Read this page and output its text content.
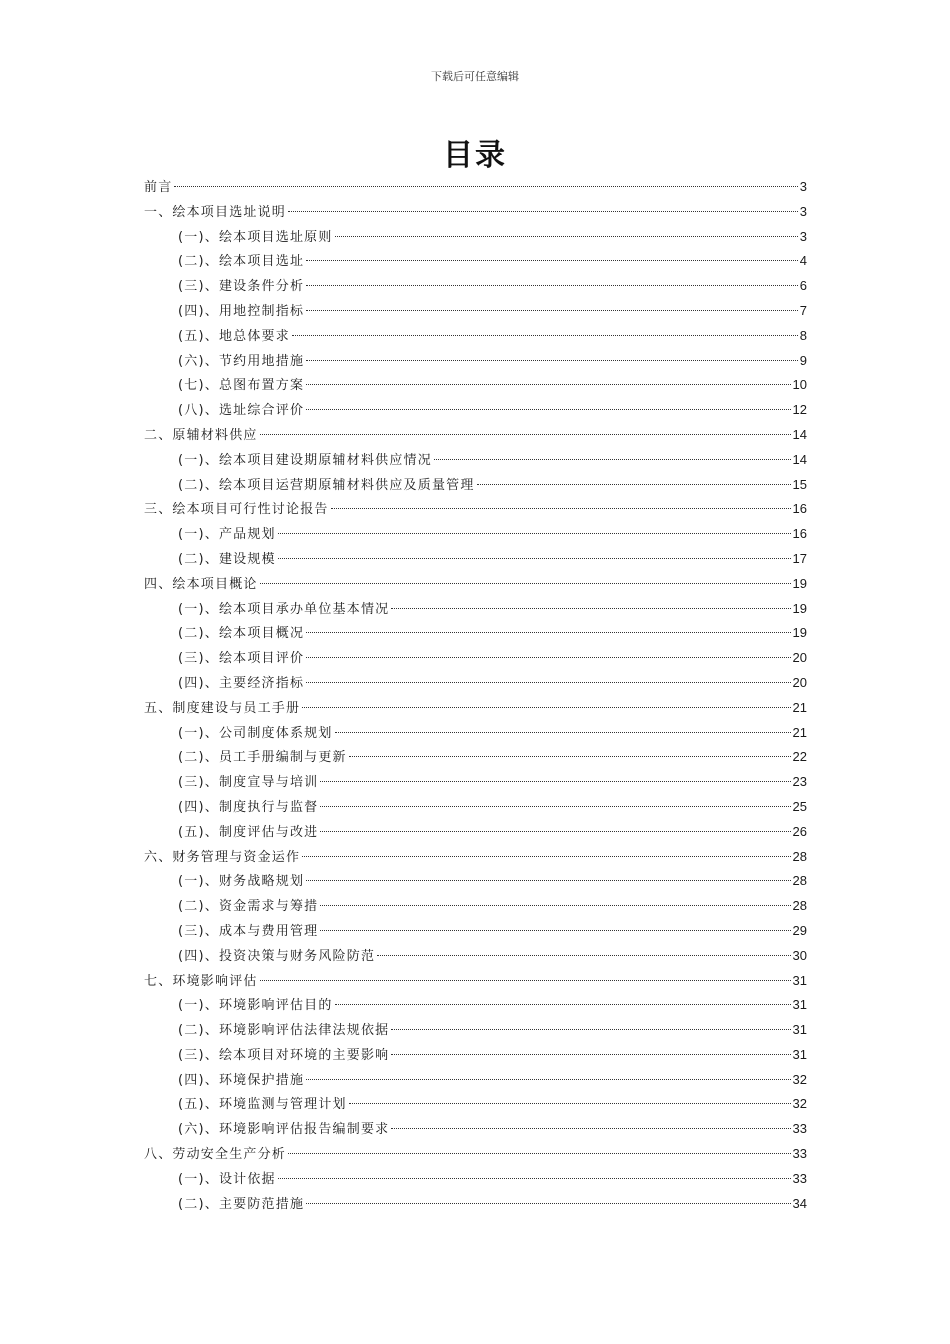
下载后可任意编辑
目录
前言	3
一、绘本项目选址说明	3
(一)、绘本项目选址原则	3
(二)、绘本项目选址	4
(三)、建设条件分析	6
(四)、用地控制指标	7
(五)、地总体要求	8
(六)、节约用地措施	9
(七)、总图布置方案	10
(八)、选址综合评价	12
二、原辅材料供应	14
(一)、绘本项目建设期原辅材料供应情况	14
(二)、绘本项目运营期原辅材料供应及质量管理	15
三、绘本项目可行性讨论报告	16
(一)、产品规划	16
(二)、建设规模	17
四、绘本项目概论	19
(一)、绘本项目承办单位基本情况	19
(二)、绘本项目概况	19
(三)、绘本项目评价	20
(四)、主要经济指标	20
五、制度建设与员工手册	21
(一)、公司制度体系规划	21
(二)、员工手册编制与更新	22
(三)、制度宣导与培训	23
(四)、制度执行与监督	25
(五)、制度评估与改进	26
六、财务管理与资金运作	28
(一)、财务战略规划	28
(二)、资金需求与筹措	28
(三)、成本与费用管理	29
(四)、投资决策与财务风险防范	30
七、环境影响评估	31
(一)、环境影响评估目的	31
(二)、环境影响评估法律法规依据	31
(三)、绘本项目对环境的主要影响	31
(四)、环境保护措施	32
(五)、环境监测与管理计划	32
(六)、环境影响评估报告编制要求	33
八、劳动安全生产分析	33
(一)、设计依据	33
(二)、主要防范措施	34
